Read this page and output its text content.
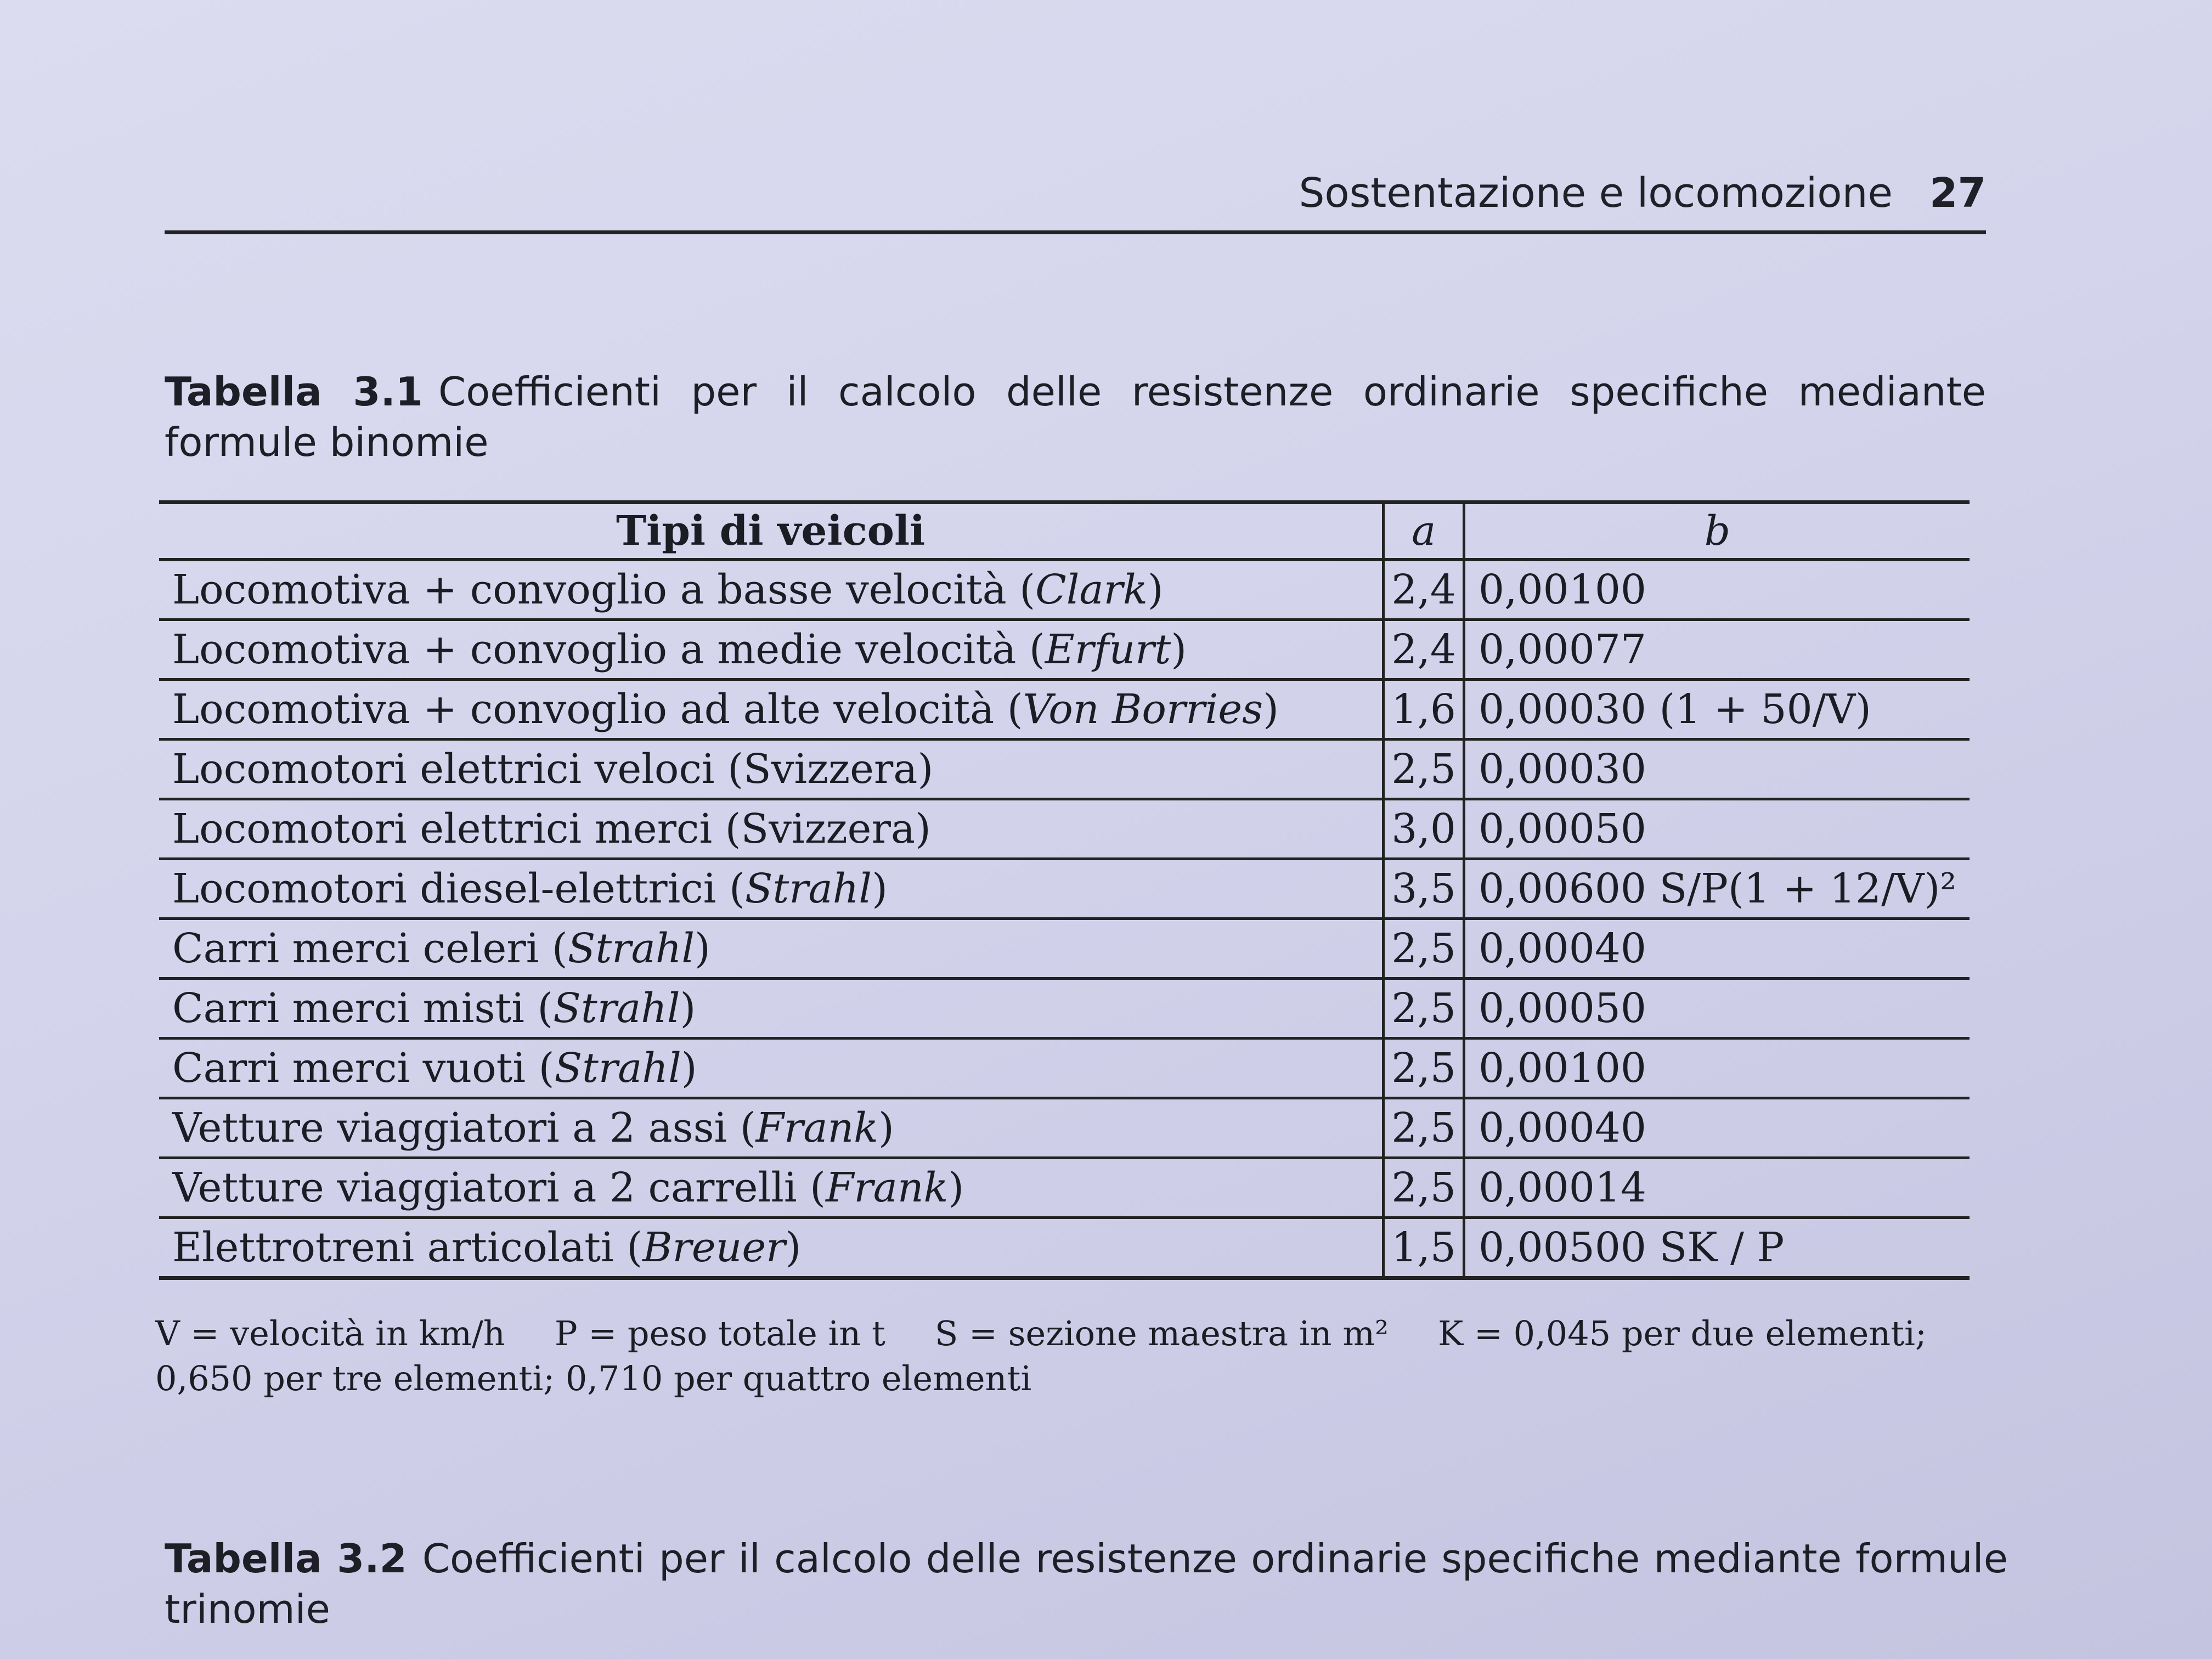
Sostentazione e locomozione 27
Tabella 3.1 Coefficienti per il calcolo delle resistenze ordinarie specifiche mediante formule binomie
Tipi di veicoli	a	b
Locomotiva + convoglio a basse velocità (Clark)	2,4	0,00100
Locomotiva + convoglio a medie velocità (Erfurt)	2,4	0,00077
Locomotiva + convoglio ad alte velocità (Von Borries)	1,6	0,00030 (1 + 50/V)
Locomotori elettrici veloci (Svizzera)	2,5	0,00030
Locomotori elettrici merci (Svizzera)	3,0	0,00050
Locomotori diesel-elettrici (Strahl)	3,5	0,00600 S/P(1 + 12/V)²
Carri merci celeri (Strahl)	2,5	0,00040
Carri merci misti (Strahl)	2,5	0,00050
Carri merci vuoti (Strahl)	2,5	0,00100
Vetture viaggiatori a 2 assi (Frank)	2,5	0,00040
Vetture viaggiatori a 2 carrelli (Frank)	2,5	0,00014
Elettrotreni articolati (Breuer)	1,5	0,00500 SK / P
V = velocità in km/h P = peso totale in t S = sezione maestra in m² K = 0,045 per due elementi;
0,650 per tre elementi; 0,710 per quattro elementi
Tabella 3.2 Coefficienti per il calcolo delle resistenze ordinarie specifiche mediante formule trinomie
